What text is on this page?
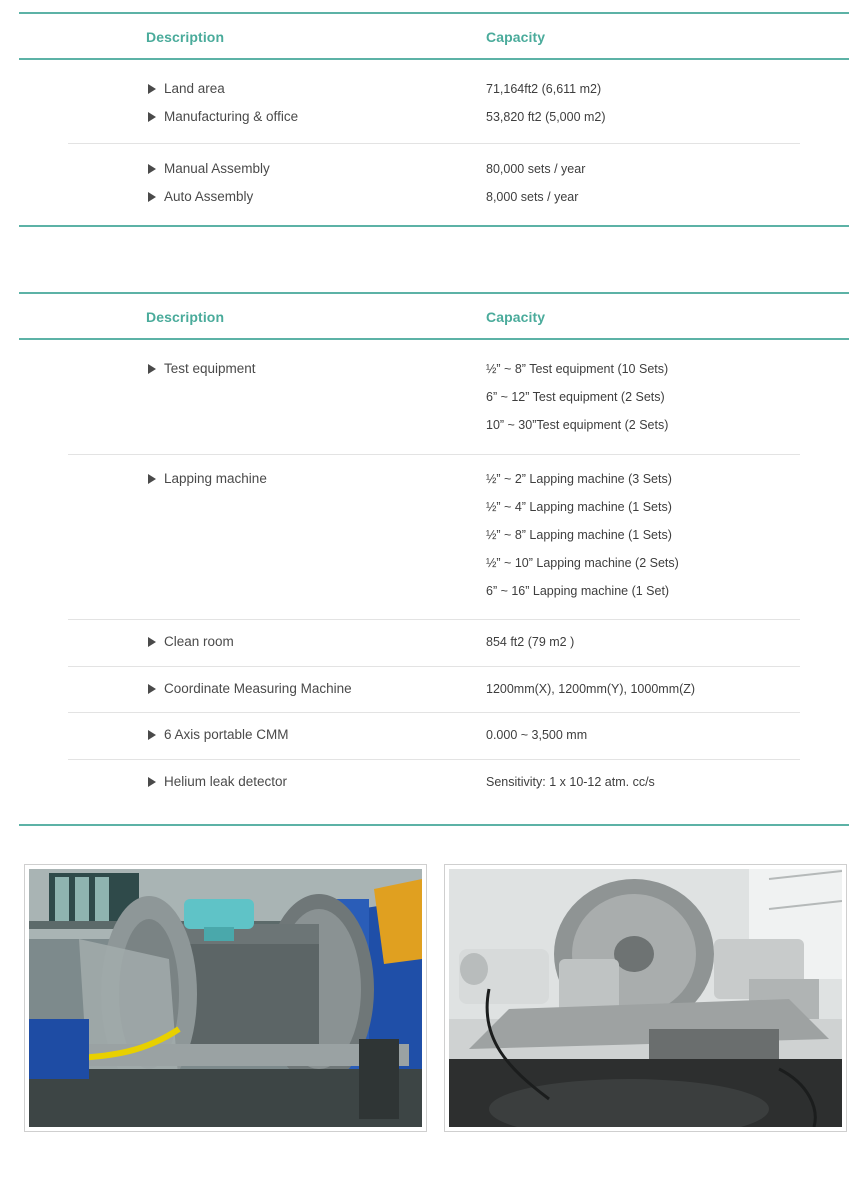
Description	Capacity
Land area	71,164ft2 (6,611 m2)
Manufacturing & office	53,820 ft2 (5,000 m2)
Manual Assembly	80,000 sets / year
Auto Assembly	8,000 sets / year
Description	Capacity
Test equipment	½” ~ 8” Test equipment (10 Sets)
6” ~ 12” Test equipment (2 Sets)
10” ~ 30”Test equipment (2 Sets)
Lapping machine	½” ~ 2” Lapping machine (3 Sets)
½” ~ 4” Lapping machine (1 Sets)
½” ~ 8” Lapping machine (1 Sets)
½” ~ 10” Lapping machine (2 Sets)
6” ~ 16” Lapping machine (1 Set)
Clean room	854 ft2 (79 m2 )
Coordinate Measuring Machine	1200mm(X), 1200mm(Y), 1000mm(Z)
6 Axis portable CMM	0.000 ~ 3,500 mm
Helium leak detector	Sensitivity: 1 x 10-12 atm. cc/s
